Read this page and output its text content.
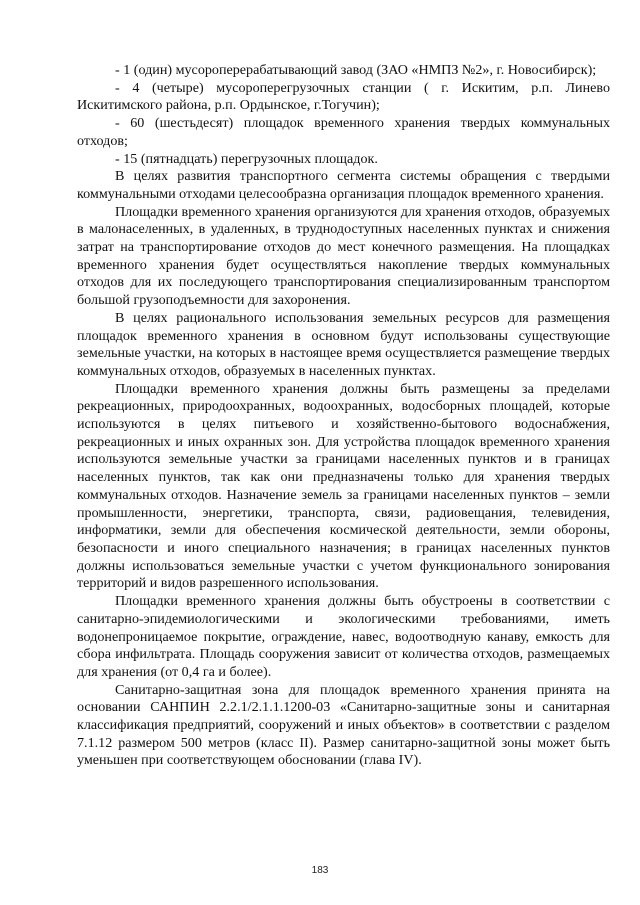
- 1 (один) мусороперерабатывающий завод (ЗАО «НМПЗ №2», г. Новосибирск);

- 4 (четыре) мусороперегрузочных станции ( г. Искитим, р.п. Линево Искитимского района, р.п. Ордынское, г.Тогучин);

- 60 (шестьдесят) площадок временного хранения твердых коммунальных отходов;

- 15 (пятнадцать) перегрузочных площадок.

В целях развития транспортного сегмента системы обращения с твердыми коммунальными отходами целесообразна организация площадок временного хранения.

Площадки временного хранения организуются для хранения отходов, образуемых в малонаселенных, в удаленных, в труднодоступных населенных пунктах и снижения затрат на транспортирование отходов до мест конечного размещения. На площадках временного хранения будет осуществляться накопление твердых коммунальных отходов для их последующего транспортирования специализированным транспортом большой грузоподъемности для захоронения.

В целях рационального использования земельных ресурсов для размещения площадок временного хранения в основном будут использованы существующие земельные участки, на которых в настоящее время осуществляется размещение твердых коммунальных отходов, образуемых в населенных пунктах.

Площадки временного хранения должны быть размещены за пределами рекреационных, природоохранных, водоохранных, водосборных площадей, которые используются в целях питьевого и хозяйственно-бытового водоснабжения, рекреационных и иных охранных зон. Для устройства площадок временного хранения используются земельные участки за границами населенных пунктов и в границах населенных пунктов, так как они предназначены только для хранения твердых коммунальных отходов. Назначение земель за границами населенных пунктов – земли промышленности, энергетики, транспорта, связи, радиовещания, телевидения, информатики, земли для обеспечения космической деятельности, земли обороны, безопасности и иного специального назначения; в границах населенных пунктов должны использоваться земельные участки с учетом функционального зонирования территорий и видов разрешенного использования.

Площадки временного хранения должны быть обустроены в соответствии с санитарно-эпидемиологическими и экологическими требованиями, иметь водонепроницаемое покрытие, ограждение, навес, водоотводную канаву, емкость для сбора инфильтрата. Площадь сооружения зависит от количества отходов, размещаемых для хранения (от 0,4 га и более).

Санитарно-защитная зона для площадок временного хранения принята на основании САНПИН 2.2.1/2.1.1.1200-03 «Санитарно-защитные зоны и санитарная классификация предприятий, сооружений и иных объектов» в соответствии с разделом 7.1.12 размером 500 метров (класс II). Размер санитарно-защитной зоны может быть уменьшен при соответствующем обосновании (глава IV).

183
